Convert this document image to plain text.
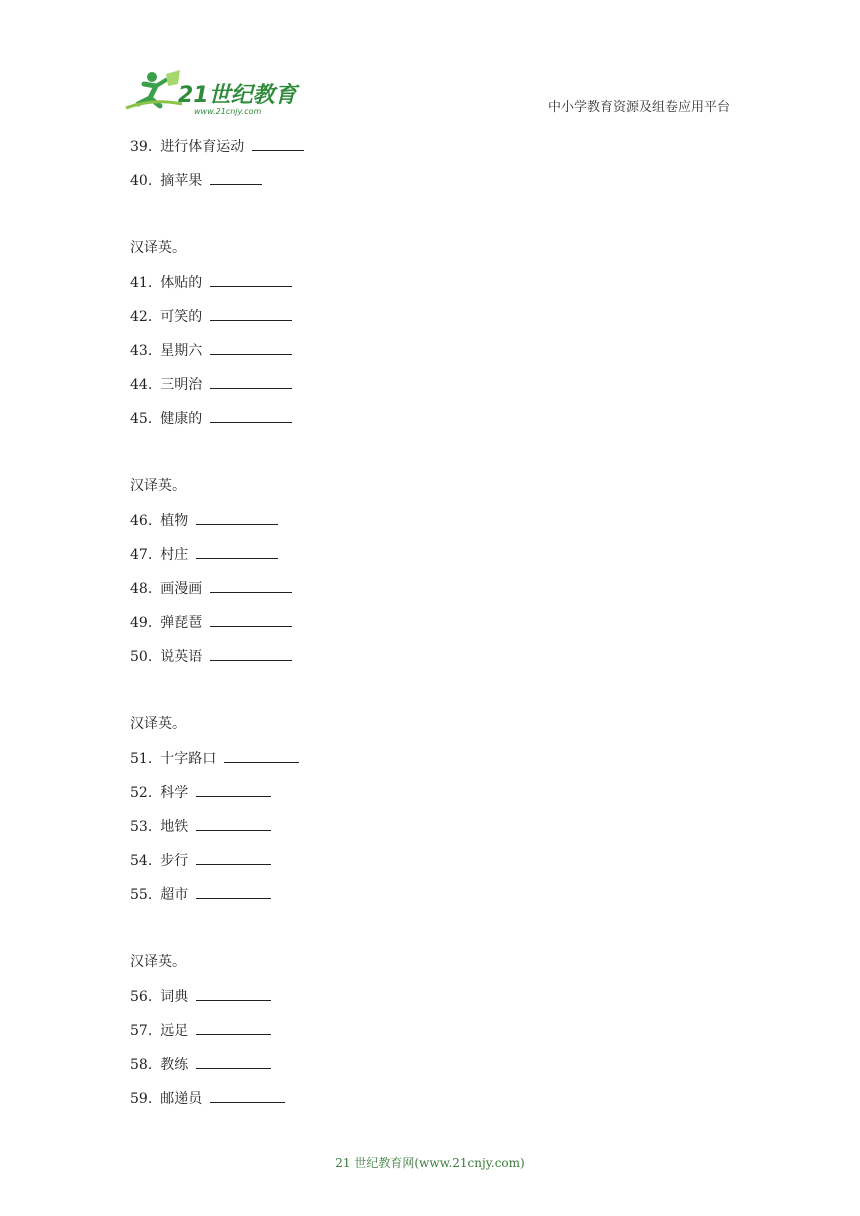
21世纪教育
www.21cnjy.com	中小学教育资源及组卷应用平台
39. 进行体育运动
40. 摘苹果
汉译英。
41. 体贴的
42. 可笑的
43. 星期六
44. 三明治
45. 健康的
汉译英。
46. 植物
47. 村庄
48. 画漫画
49. 弹琵琶
50. 说英语
汉译英。
51. 十字路口
52. 科学
53. 地铁
54. 步行
55. 超市
汉译英。
56. 词典
57. 远足
58. 教练
59. 邮递员
21 世纪教育网(www.21cnjy.com)
